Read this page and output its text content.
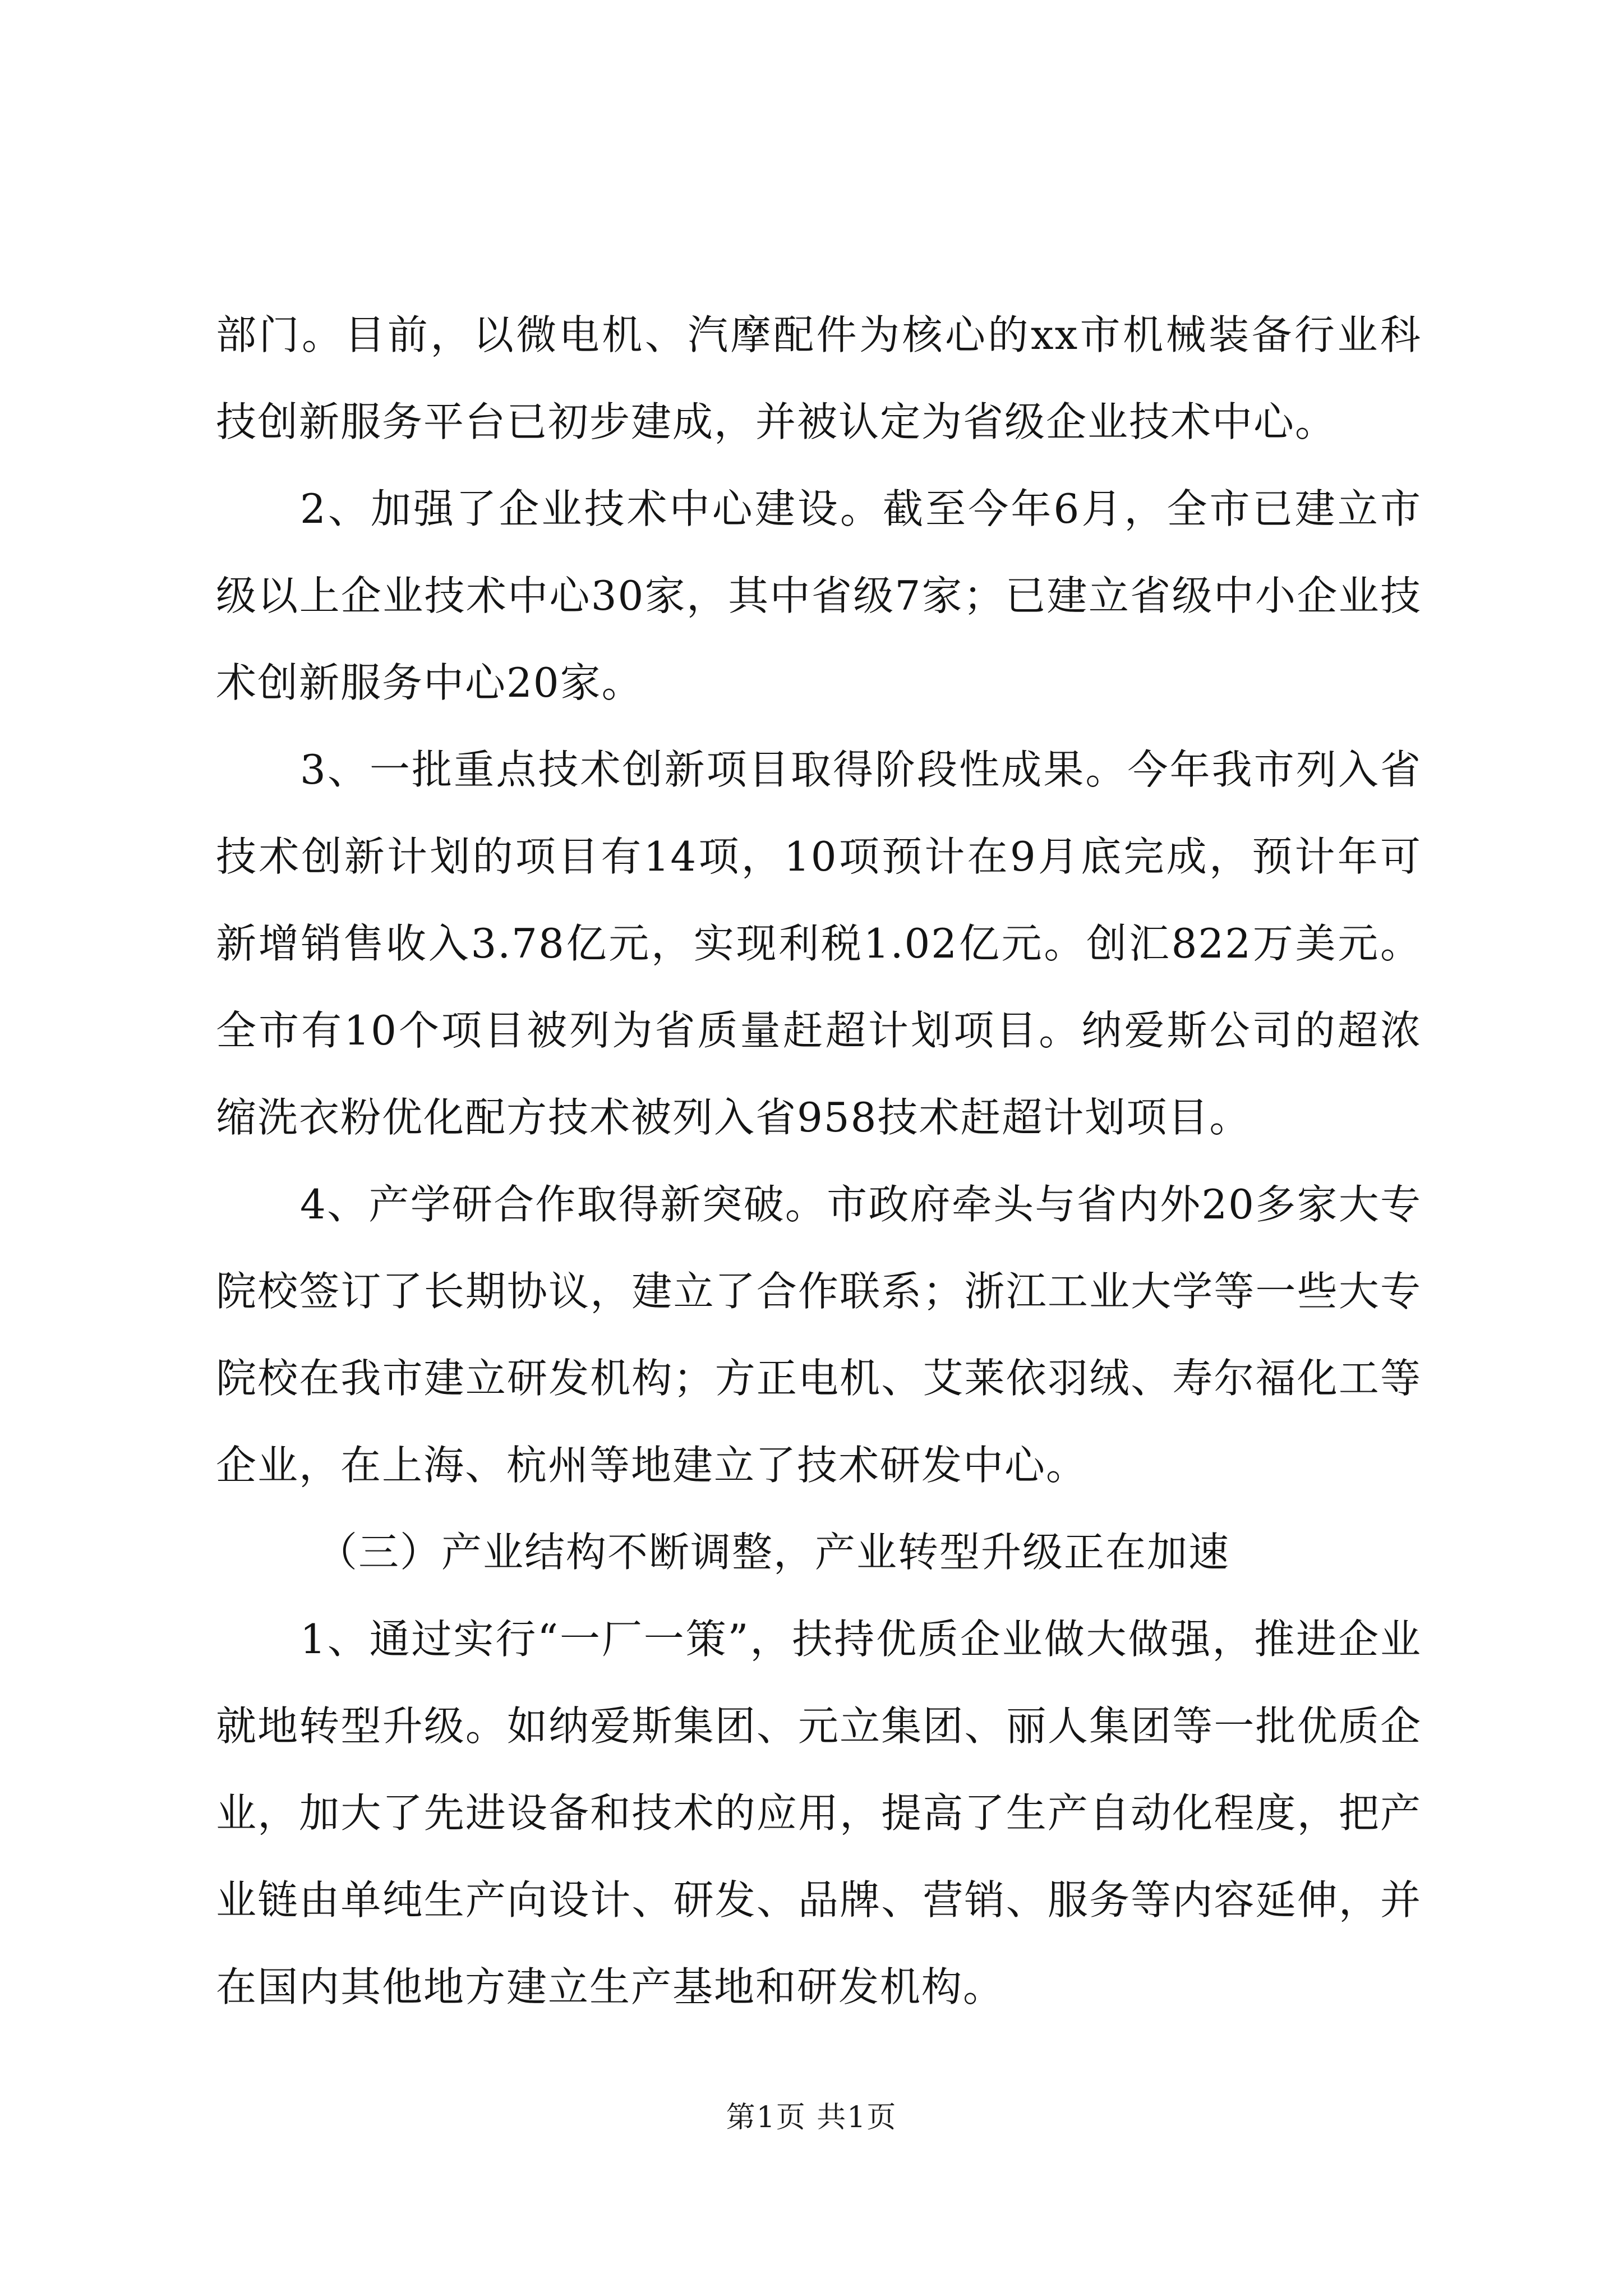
部门。目前，以微电机、汽摩配件为核心的xx市机械装备行业科技创新服务平台已初步建成，并被认定为省级企业技术中心。

2、加强了企业技术中心建设。截至今年6月，全市已建立市级以上企业技术中心30家，其中省级7家；已建立省级中小企业技术创新服务中心20家。

3、一批重点技术创新项目取得阶段性成果。今年我市列入省技术创新计划的项目有14项，10项预计在9月底完成，预计年可新增销售收入3.78亿元，实现利税1.02亿元。创汇822万美元。全市有10个项目被列为省质量赶超计划项目。纳爱斯公司的超浓缩洗衣粉优化配方技术被列入省958技术赶超计划项目。

4、产学研合作取得新突破。市政府牵头与省内外20多家大专院校签订了长期协议，建立了合作联系；浙江工业大学等一些大专院校在我市建立研发机构；方正电机、艾莱依羽绒、寿尔福化工等企业，在上海、杭州等地建立了技术研发中心。

（三）产业结构不断调整，产业转型升级正在加速

1、通过实行“一厂一策”，扶持优质企业做大做强，推进企业就地转型升级。如纳爱斯集团、元立集团、丽人集团等一批优质企业，加大了先进设备和技术的应用，提高了生产自动化程度，把产业链由单纯生产向设计、研发、品牌、营销、服务等内容延伸，并在国内其他地方建立生产基地和研发机构。

第1页 共1页
